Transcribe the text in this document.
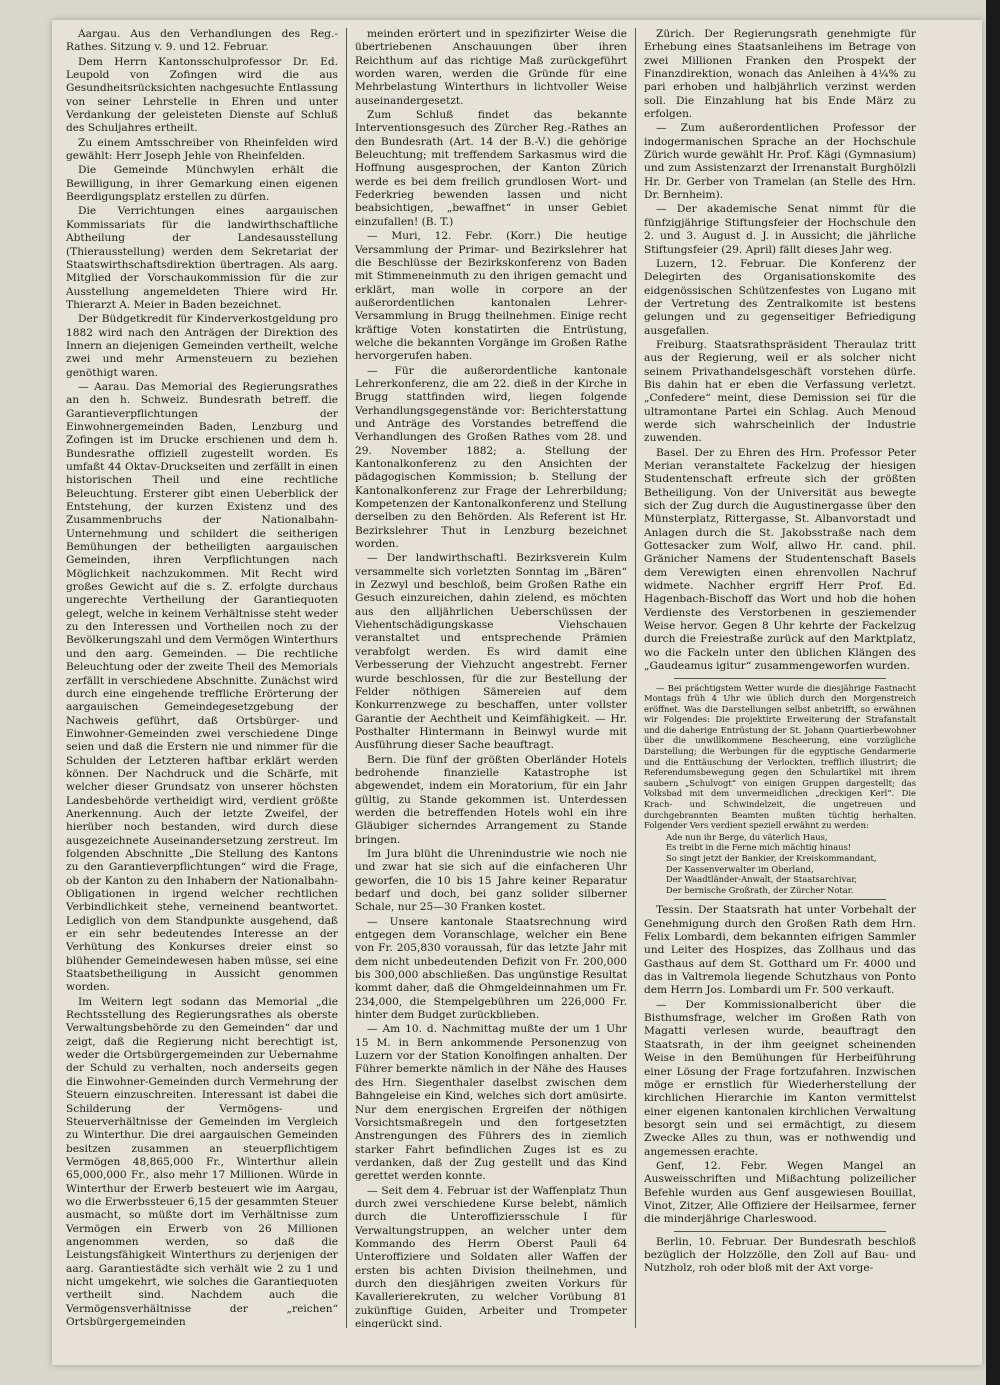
Aargau. Aus den Verhandlungen des Reg.-Rathes. Sitzung v. 9. und 12. Februar.

Dem Herrn Kantonsschulprofessor Dr. Ed. Leupold von Zofingen wird die aus Gesundheitsrücksichten nachgesuchte Entlassung von seiner Lehrstelle in Ehren und unter Verdankung der geleisteten Dienste auf Schluß des Schuljahres ertheilt.

Zu einem Amtsschreiber von Rheinfelden wird gewählt: Herr Joseph Jehle von Rheinfelden.

Die Gemeinde Münchwylen erhält die Bewilligung, in ihrer Gemarkung einen eigenen Beerdigungsplatz erstellen zu dürfen.

Die Verrichtungen eines aargauischen Kommissariats für die landwirthschaftliche Abtheilung der Landesausstellung (Thierausstellung) werden dem Sekretariat der Staatswirthschaftsdirektion übertragen. Als aarg. Mitglied der Vorschaukommission für die zur Ausstellung angemeldeten Thiere wird Hr. Thierarzt A. Meier in Baden bezeichnet.

Der Büdgetkredit für Kinderverkostgeldung pro 1882 wird nach den Anträgen der Direktion des Innern an diejenigen Gemeinden vertheilt, welche zwei und mehr Armensteuern zu beziehen genöthigt waren.

— Aarau. Das Memorial des Regierungsrathes an den h. Schweiz. Bundesrath betreff. die Garantieverpflichtungen der Einwohnergemeinden Baden, Lenzburg und Zofingen ist im Drucke erschienen und dem h. Bundesrathe offiziell zugestellt worden. Es umfaßt 44 Oktav-Druckseiten und zerfällt in einen historischen Theil und eine rechtliche Beleuchtung. Ersterer gibt einen Ueberblick der Entstehung, der kurzen Existenz und des Zusammenbruchs der Nationalbahn-Unternehmung und schildert die seitherigen Bemühungen der betheiligten aargauischen Gemeinden, ihren Verpflichtungen nach Möglichkeit nachzukommen. Mit Recht wird großes Gewicht auf die s. Z. erfolgte durchaus ungerechte Vertheilung der Garantiequoten gelegt, welche in keinem Verhältnisse steht weder zu den Interessen und Vortheilen noch zu der Bevölkerungszahl und dem Vermögen Winterthurs und den aarg. Gemeinden. — Die rechtliche Beleuchtung oder der zweite Theil des Memorials zerfällt in verschiedene Abschnitte. Zunächst wird durch eine eingehende treffliche Erörterung der aargauischen Gemeindegesetzgebung der Nachweis geführt, daß Ortsbürger- und Einwohner-Gemeinden zwei verschiedene Dinge seien und daß die Erstern nie und nimmer für die Schulden der Letzteren haftbar erklärt werden können. Der Nachdruck und die Schärfe, mit welcher dieser Grundsatz von unserer höchsten Landesbehörde vertheidigt wird, verdient größte Anerkennung. Auch der letzte Zweifel, der hierüber noch bestanden, wird durch diese ausgezeichnete Auseinandersetzung zerstreut. Im folgenden Abschnitte „Die Stellung des Kantons zu den Garantieverpflichtungen“ wird die Frage, ob der Kanton zu den Inhabern der Nationalbahn-Obligationen in irgend welcher rechtlichen Verbindlichkeit stehe, verneinend beantwortet. Lediglich von dem Standpunkte ausgehend, daß er ein sehr bedeutendes Interesse an der Verhütung des Konkurses dreier einst so blühender Gemeindewesen haben müsse, sei eine Staatsbetheiligung in Aussicht genommen worden.

Im Weitern legt sodann das Memorial „die Rechtsstellung des Regierungsrathes als oberste Verwaltungsbehörde zu den Gemeinden“ dar und zeigt, daß die Regierung nicht berechtigt ist, weder die Ortsbürgergemeinden zur Uebernahme der Schuld zu verhalten, noch anderseits gegen die Einwohner-Gemeinden durch Vermehrung der Steuern einzuschreiten. Interessant ist dabei die Schilderung der Vermögens- und Steuerverhältnisse der Gemeinden im Vergleich zu Winterthur. Die drei aargauischen Gemeinden besitzen zusammen an steuerpflichtigem Vermögen 48,865,000 Fr., Winterthur allein 65,000,000 Fr., also mehr 17 Millionen. Würde in Winterthur der Erwerb besteuert wie im Aargau, wo die Erwerbssteuer 6,15 der gesammten Steuer ausmacht, so müßte dort im Verhältnisse zum Vermögen ein Erwerb von 26 Millionen angenommen werden, so daß die Leistungsfähigkeit Winterthurs zu derjenigen der aarg. Garantiestädte sich verhält wie 2 zu 1 und nicht umgekehrt, wie solches die Garantiequoten vertheilt sind. Nachdem auch die Vermögensverhältnisse der „reichen“ Ortsbürgergemeinden

meinden erörtert und in spezifizirter Weise die übertriebenen Anschauungen über ihren Reichthum auf das richtige Maß zurückgeführt worden waren, werden die Gründe für eine Mehrbelastung Winterthurs in lichtvoller Weise auseinandergesetzt.

Zum Schluß findet das bekannte Interventionsgesuch des Zürcher Reg.-Rathes an den Bundesrath (Art. 14 der B.-V.) die gehörige Beleuchtung; mit treffendem Sarkasmus wird die Hoffnung ausgesprochen, der Kanton Zürich werde es bei dem freilich grundlosen Wort- und Federkrieg bewenden lassen und nicht beabsichtigen, „bewaffnet“ in unser Gebiet einzufallen! (B. T.)

— Muri, 12. Febr. (Korr.) Die heutige Versammlung der Primar- und Bezirkslehrer hat die Beschlüsse der Bezirkskonferenz von Baden mit Stimmeneinmuth zu den ihrigen gemacht und erklärt, man wolle in corpore an der außerordentlichen kantonalen Lehrer-Versammlung in Brugg theilnehmen. Einige recht kräftige Voten konstatirten die Entrüstung, welche die bekannten Vorgänge im Großen Rathe hervorgerufen haben.

— Für die außerordentliche kantonale Lehrerkonferenz, die am 22. dieß in der Kirche in Brugg stattfinden wird, liegen folgende Verhandlungsgegenstände vor: Berichterstattung und Anträge des Vorstandes betreffend die Verhandlungen des Großen Rathes vom 28. und 29. November 1882; a. Stellung der Kantonalkonferenz zu den Ansichten der pädagogischen Kommission; b. Stellung der Kantonalkonferenz zur Frage der Lehrerbildung; Kompetenzen der Kantonalkonferenz und Stellung derselben zu den Behörden. Als Referent ist Hr. Bezirkslehrer Thut in Lenzburg bezeichnet worden.

— Der landwirthschaftl. Bezirksverein Kulm versammelte sich vorletzten Sonntag im „Bären“ in Zezwyl und beschloß, beim Großen Rathe ein Gesuch einzureichen, dahin zielend, es möchten aus den alljährlichen Ueberschüssen der Viehentschädigungskasse Viehschauen veranstaltet und entsprechende Prämien verabfolgt werden. Es wird damit eine Verbesserung der Viehzucht angestrebt. Ferner wurde beschlossen, für die zur Bestellung der Felder nöthigen Sämereien auf dem Konkurrenzwege zu beschaffen, unter vollster Garantie der Aechtheit und Keimfähigkeit. — Hr. Posthalter Hintermann in Beinwyl wurde mit Ausführung dieser Sache beauftragt.

Bern. Die fünf der größten Oberländer Hotels bedrohende finanzielle Katastrophe ist abgewendet, indem ein Moratorium, für ein Jahr gültig, zu Stande gekommen ist. Unterdessen werden die betreffenden Hotels wohl ein ihre Gläubiger sicherndes Arrangement zu Stande bringen.

Im Jura blüht die Uhrenindustrie wie noch nie und zwar hat sie sich auf die einfacheren Uhr geworfen, die 10 bis 15 Jahre keiner Reparatur bedarf und doch, bei ganz solider silberner Schale, nur 25—30 Franken kostet.

— Unsere kantonale Staatsrechnung wird entgegen dem Voranschlage, welcher ein Bene von Fr. 205,830 voraussah, für das letzte Jahr mit dem nicht unbedeutenden Defizit von Fr. 200,000 bis 300,000 abschließen. Das ungünstige Resultat kommt daher, daß die Ohmgeldeinnahmen um Fr. 234,000, die Stempelgebühren um 226,000 Fr. hinter dem Budget zurückblieben.

— Am 10. d. Nachmittag mußte der um 1 Uhr 15 M. in Bern ankommende Personenzug von Luzern vor der Station Konolfingen anhalten. Der Führer bemerkte nämlich in der Nähe des Hauses des Hrn. Siegenthaler daselbst zwischen dem Bahngeleise ein Kind, welches sich dort amüsirte. Nur dem energischen Ergreifen der nöthigen Vorsichtsmaßregeln und den fortgesetzten Anstrengungen des Führers des in ziemlich starker Fahrt befindlichen Zuges ist es zu verdanken, daß der Zug gestellt und das Kind gerettet werden konnte.

— Seit dem 4. Februar ist der Waffenplatz Thun durch zwei verschiedene Kurse belebt, nämlich durch die Unteroffiziersschule I für Verwaltungstruppen, an welcher unter dem Kommando des Herrn Oberst Pauli 64 Unteroffiziere und Soldaten aller Waffen der ersten bis achten Division theilnehmen, und durch den diesjährigen zweiten Vorkurs für Kavallerierekruten, zu welcher Vorübung 81 zukünftige Guiden, Arbeiter und Trompeter eingerückt sind.

Zürich. Der Regierungsrath genehmigte für Erhebung eines Staatsanleihens im Betrage von zwei Millionen Franken den Prospekt der Finanzdirektion, wonach das Anleihen à 4¼% zu pari erhoben und halbjährlich verzinst werden soll. Die Einzahlung hat bis Ende März zu erfolgen.

— Zum außerordentlichen Professor der indogermanischen Sprache an der Hochschule Zürich wurde gewählt Hr. Prof. Kägi (Gymnasium) und zum Assistenzarzt der Irrenanstalt Burghölzli Hr. Dr. Gerber von Tramelan (an Stelle des Hrn. Dr. Bernheim).

— Der akademische Senat nimmt für die fünfzigjährige Stiftungsfeier der Hochschule den 2. und 3. August d. J. in Aussicht; die jährliche Stiftungsfeier (29. April) fällt dieses Jahr weg.

Luzern, 12. Februar. Die Konferenz der Delegirten des Organisationskomite des eidgenössischen Schützenfestes von Lugano mit der Vertretung des Zentralkomite ist bestens gelungen und zu gegenseitiger Befriedigung ausgefallen.

Freiburg. Staatsrathspräsident Theraulaz tritt aus der Regierung, weil er als solcher nicht seinem Privathandelsgeschäft vorstehen dürfe. Bis dahin hat er eben die Verfassung verletzt. „Confedere“ meint, diese Demission sei für die ultramontane Partei ein Schlag. Auch Menoud werde sich wahrscheinlich der Industrie zuwenden.

Basel. Der zu Ehren des Hrn. Professor Peter Merian veranstaltete Fackelzug der hiesigen Studentenschaft erfreute sich der größten Betheiligung. Von der Universität aus bewegte sich der Zug durch die Augustinergasse über den Münsterplatz, Rittergasse, St. Albanvorstadt und Anlagen durch die St. Jakobsstraße nach dem Gottesacker zum Wolf, allwo Hr. cand. phil. Gränicher Namens der Studentenschaft Basels dem Verewigten einen ehrenvollen Nachruf widmete. Nachher ergriff Herr Prof. Ed. Hagenbach-Bischoff das Wort und hob die hohen Verdienste des Verstorbenen in gesziemender Weise hervor. Gegen 8 Uhr kehrte der Fackelzug durch die Freiestraße zurück auf den Marktplatz, wo die Fackeln unter den üblichen Klängen des „Gaudeamus igitur“ zusammengeworfen wurden.

— Bei prächtigstem Wetter wurde die diesjährige Fastnacht Montags früh 4 Uhr wie üblich durch den Morgenstreich eröffnet. Was die Darstellungen selbst anbetrifft, so erwähnen wir Folgendes: Die projektirte Erweiterung der Strafanstalt und die daherige Entrüstung der St. Johann Quartierbewohner über die unwillkommene Bescheerung, eine vorzügliche Darstellung; die Werbungen für die egyptische Gendarmerie und die Enttäuschung der Verlockten, trefflich illustrirt; die Referendumsbewegung gegen den Schulartikel mit ihrem saubern „Schulvogt“ von einigen Gruppen dargestellt; das Volksbad mit dem unvermeidlichen „dreckigen Kerl“. Die Krach- und Schwindelzeit, die ungetreuen und durchgebrannten Beamten mußten tüchtig herhalten. Folgender Vers verdient speziell erwähnt zu werden:

Ade nun ihr Berge, du väterlich Haus,
Es treibt in die Ferne mich mächtig hinaus!
So singt jetzt der Bankier, der Kreiskommandant,
Der Kassenverwalter im Oberland,
Der Waadtländer-Anwalt, der Staatsarchivar,
Der bernische Großrath, der Zürcher Notar.

Tessin. Der Staatsrath hat unter Vorbehalt der Genehmigung durch den Großen Rath dem Hrn. Felix Lombardi, dem bekannten eifrigen Sammler und Leiter des Hospizes, das Zollhaus und das Gasthaus auf dem St. Gotthard um Fr. 4000 und das in Valtremola liegende Schutzhaus von Ponto dem Herrn Jos. Lombardi um Fr. 500 verkauft.

— Der Kommissionalbericht über die Bisthumsfrage, welcher im Großen Rath von Magatti verlesen wurde, beauftragt den Staatsrath, in der ihm geeignet scheinenden Weise in den Bemühungen für Herbeiführung einer Lösung der Frage fortzufahren. Inzwischen möge er ernstlich für Wiederherstellung der kirchlichen Hierarchie im Kanton vermittelst einer eigenen kantonalen kirchlichen Verwaltung besorgt sein und sei ermächtigt, zu diesem Zwecke Alles zu thun, was er nothwendig und angemessen erachte.

Genf, 12. Febr. Wegen Mangel an Ausweisschriften und Mißachtung polizeilicher Befehle wurden aus Genf ausgewiesen Bouillat, Vinot, Zitzer, Alle Offiziere der Heilsarmee, ferner die minderjährige Charleswood.

Berlin, 10. Februar. Der Bundesrath beschloß bezüglich der Holzzölle, den Zoll auf Bau- und Nutzholz, roh oder bloß mit der Axt vorge-
